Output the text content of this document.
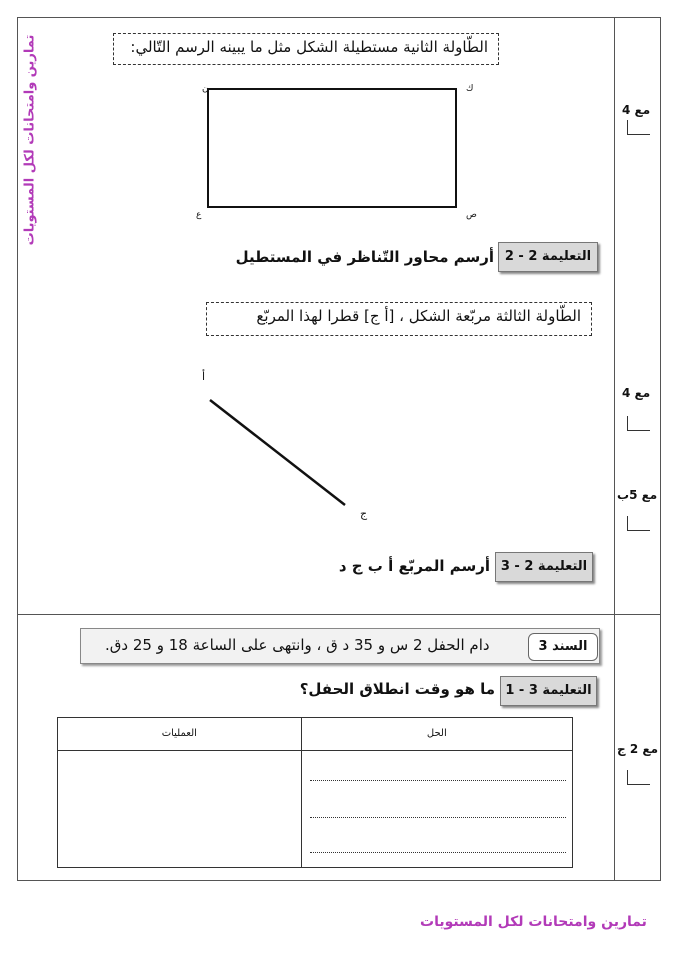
تمارين وامتحانات لكل المستويات	الطّاولة الثانية مستطيلة الشكل مثل ما يبينه الرسم التّالي:
ن	ك
ع	ص
التعليمة 2 - 2
أرسم محاور التّناظر في المستطيل
الطّاولة الثالثة مربّعة الشكل ، [أ ج] قطرا لهذا المربّع
أ
ج
التعليمة 2 - 3
أرسم المربّع أ ب ج د
مع 4
مع 4
مع 5ب
مع 2 ج
دام الحفل 2 س و 35 د ق ، وانتهى على الساعة 18 و 25 دق.	السند 3
التعليمة 3 - 1
ما هو وقت انطلاق الحفل؟
العمليات	الحل

تمارين وامتحانات لكل المستويات
